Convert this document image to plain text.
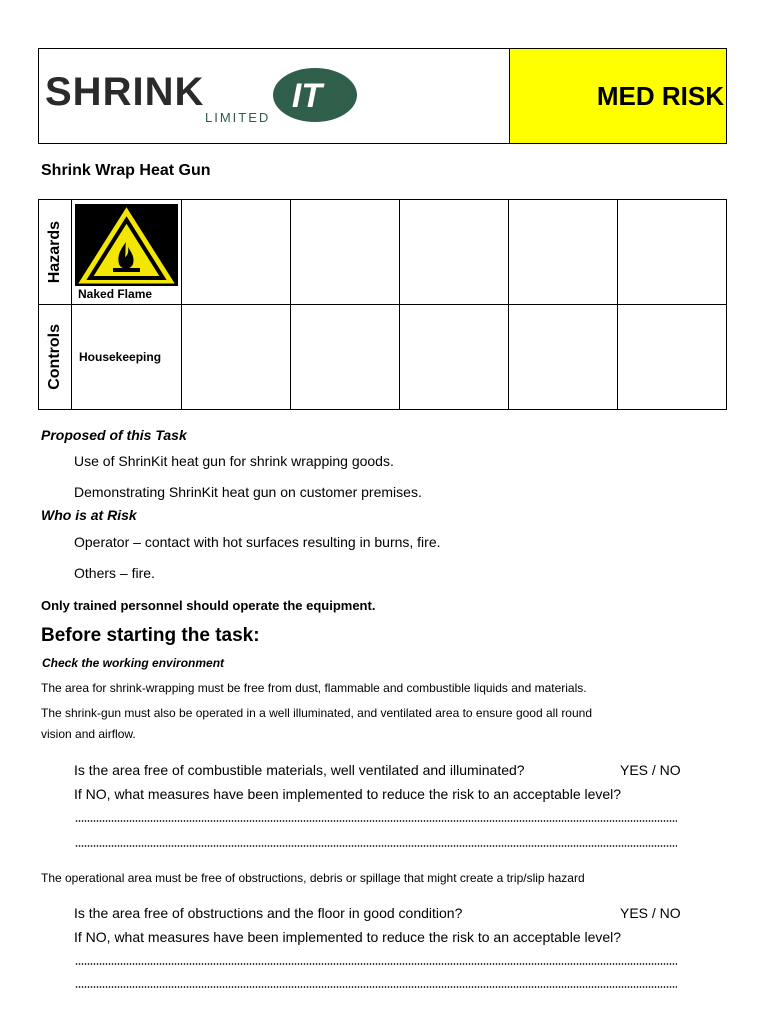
SHRINK	IT
LIMITED
MED RISK
Shrink Wrap Heat Gun
Hazards	Naked Flame					

Controls	Housekeeping					
Proposed of this Task
Use of ShrinKit heat gun for shrink wrapping goods.
Demonstrating ShrinKit heat gun on customer premises.
Who is at Risk
Operator – contact with hot surfaces resulting in burns, fire.
Others – fire.
Only trained personnel should operate the equipment.
Before starting the task:
Check the working environment
The area for shrink-wrapping must be free from dust, flammable and combustible liquids and materials.
The shrink-gun must also be operated in a well illuminated, and ventilated area to ensure good all round
vision and airflow.
Is the area free of combustible materials, well ventilated and illuminated?	YES / NO
If NO, what measures have been implemented to reduce the risk to an acceptable level?
The operational area must be free of obstructions, debris or spillage that might create a trip/slip hazard
Is the area free of obstructions and the floor in good condition?	YES / NO
If NO, what measures have been implemented to reduce the risk to an acceptable level?
